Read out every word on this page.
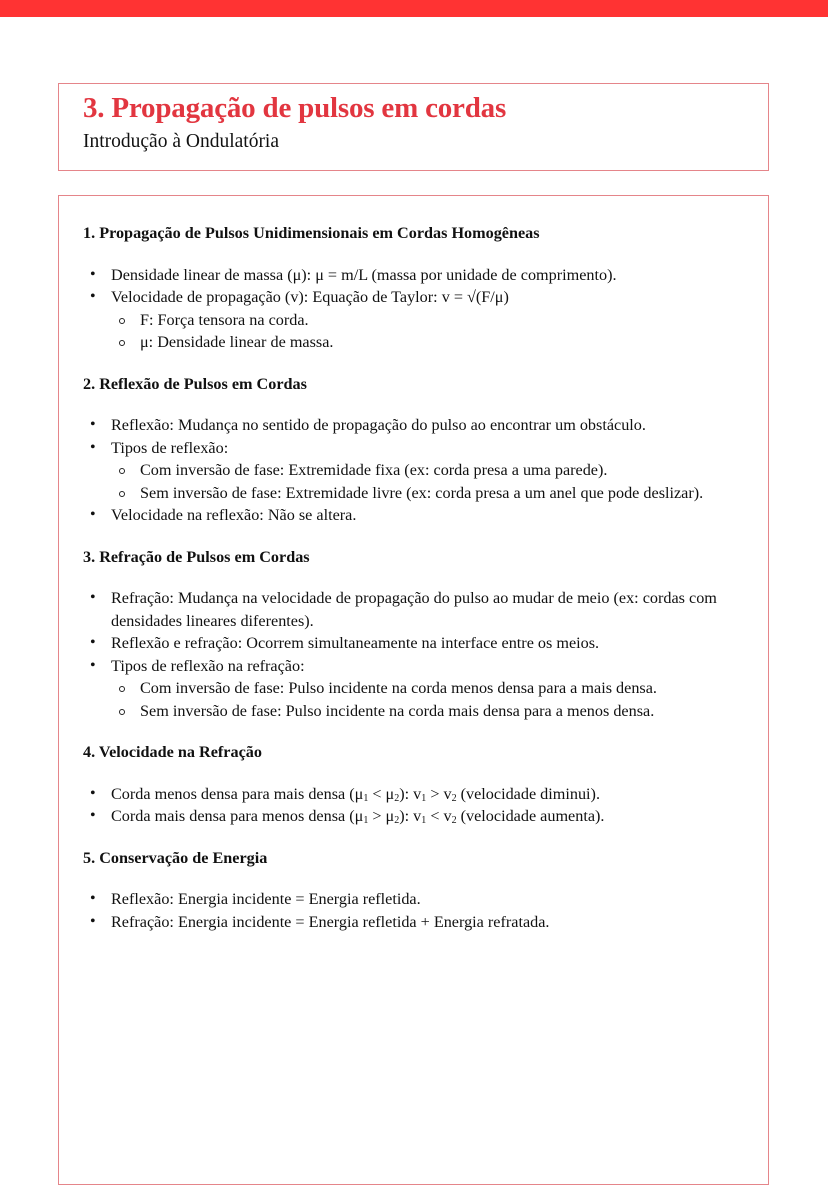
3. Propagação de pulsos em cordas
Introdução à Ondulatória
1. Propagação de Pulsos Unidimensionais em Cordas Homogêneas
• Densidade linear de massa (μ): μ = m/L (massa por unidade de comprimento).
• Velocidade de propagação (v): Equação de Taylor: v = √(F/μ)
F: Força tensora na corda.
μ: Densidade linear de massa.
2. Reflexão de Pulsos em Cordas
• Reflexão: Mudança no sentido de propagação do pulso ao encontrar um obstáculo.
• Tipos de reflexão:
Com inversão de fase: Extremidade fixa (ex: corda presa a uma parede).
Sem inversão de fase: Extremidade livre (ex: corda presa a um anel que pode deslizar).
• Velocidade na reflexão: Não se altera.
3. Refração de Pulsos em Cordas
• Refração: Mudança na velocidade de propagação do pulso ao mudar de meio (ex: cordas com densidades lineares diferentes).
• Reflexão e refração: Ocorrem simultaneamente na interface entre os meios.
• Tipos de reflexão na refração:
Com inversão de fase: Pulso incidente na corda menos densa para a mais densa.
Sem inversão de fase: Pulso incidente na corda mais densa para a menos densa.
4. Velocidade na Refração
• Corda menos densa para mais densa $(\mu_1 < \mu_2)$: $v_1 > v_2$ (velocidade diminui).
• Corda mais densa para menos densa $(\mu_1 > \mu_2)$: $v_1 < v_2$ (velocidade aumenta).
5. Conservação de Energia
• Reflexão: Energia incidente = Energia refletida.
• Refração: Energia incidente = Energia refletida + Energia refratada.
